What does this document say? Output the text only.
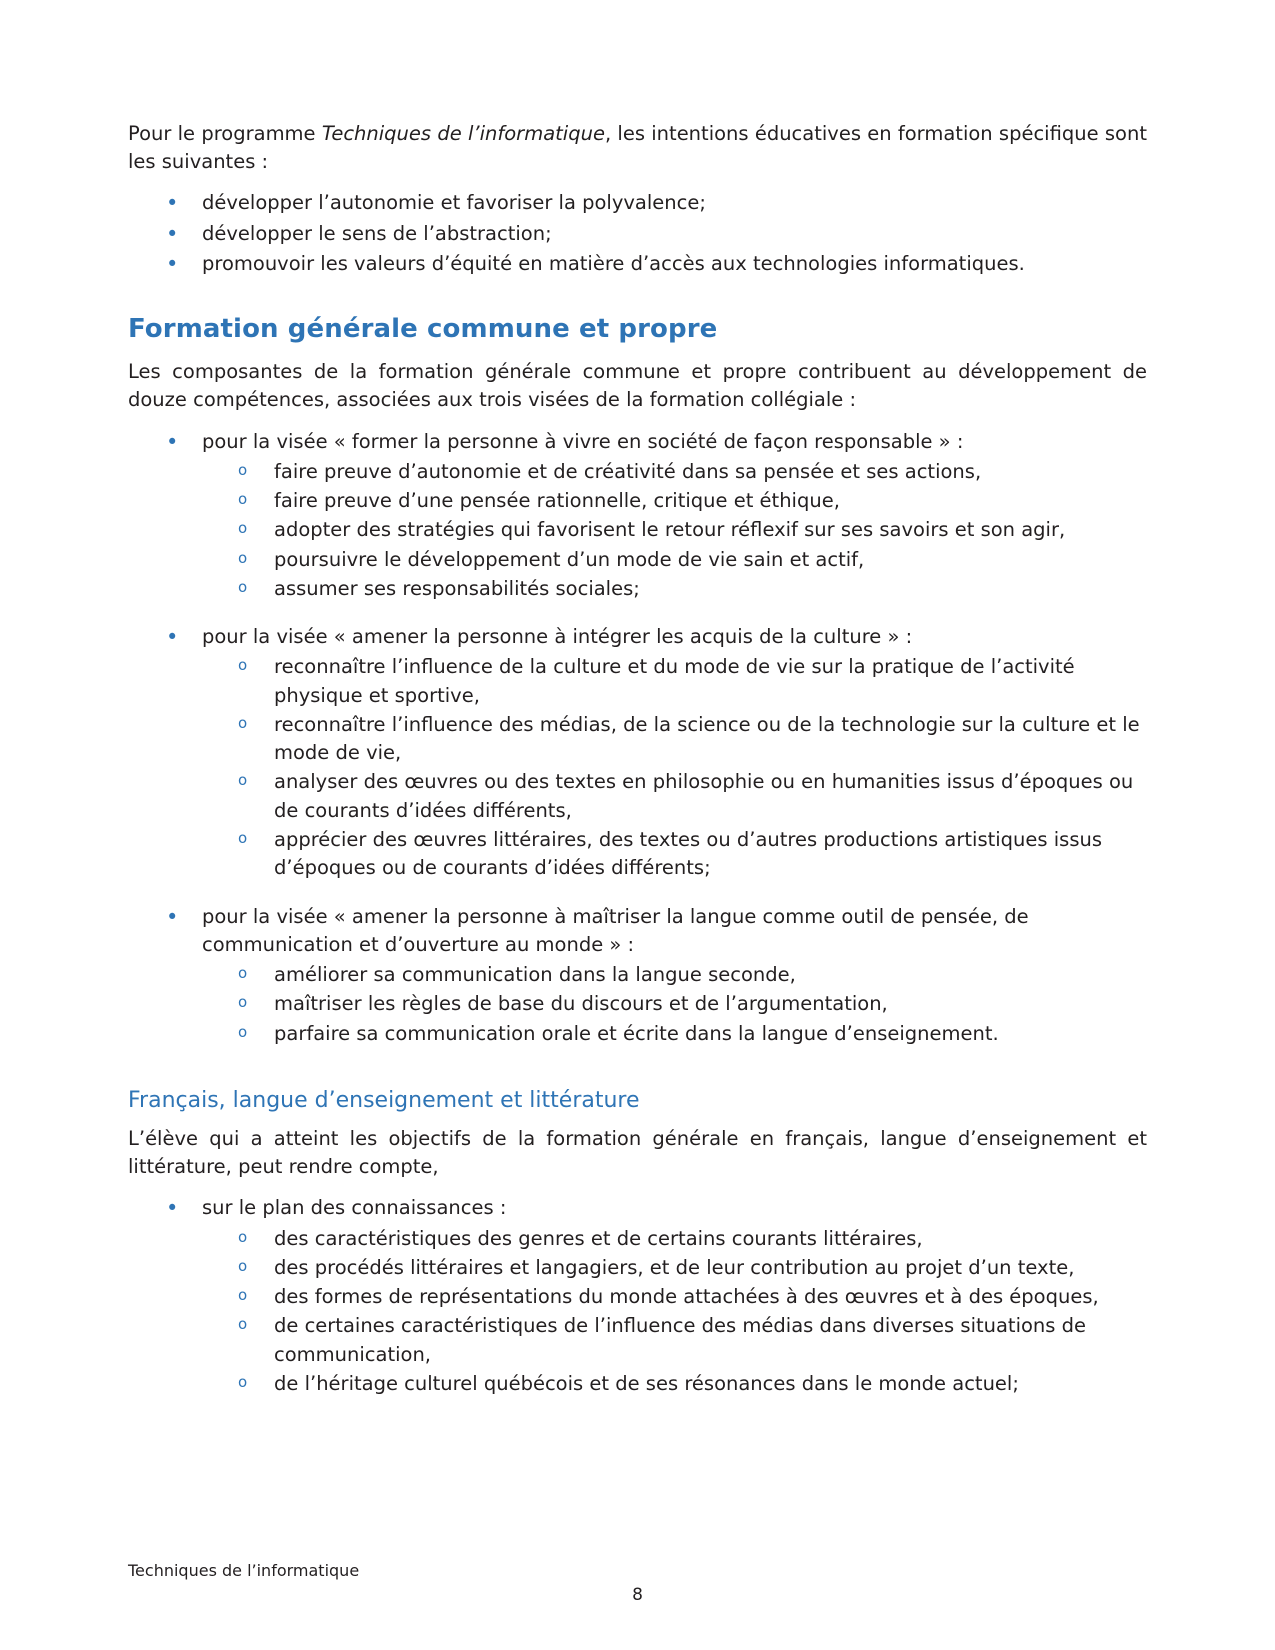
Pour le programme Techniques de l’informatique, les intentions éducatives en formation spécifique sont les suivantes :

• développer l’autonomie et favoriser la polyvalence;
• développer le sens de l’abstraction;
• promouvoir les valeurs d’équité en matière d’accès aux technologies informatiques.
Formation générale commune et propre

Les composantes de la formation générale commune et propre contribuent au développement de douze compétences, associées aux trois visées de la formation collégiale :

• pour la visée « former la personne à vivre en société de façon responsable » :
o faire preuve d’autonomie et de créativité dans sa pensée et ses actions,
o faire preuve d’une pensée rationnelle, critique et éthique,
o adopter des stratégies qui favorisent le retour réflexif sur ses savoirs et son agir,
o poursuivre le développement d’un mode de vie sain et actif,
o assumer ses responsabilités sociales;
• pour la visée « amener la personne à intégrer les acquis de la culture » :
o reconnaître l’influence de la culture et du mode de vie sur la pratique de l’activité physique et sportive,
o reconnaître l’influence des médias, de la science ou de la technologie sur la culture et le mode de vie,
o analyser des œuvres ou des textes en philosophie ou en humanities issus d’époques ou de courants d’idées différents,
o apprécier des œuvres littéraires, des textes ou d’autres productions artistiques issus d’époques ou de courants d’idées différents;
• pour la visée « amener la personne à maîtriser la langue comme outil de pensée, de communication et d’ouverture au monde » :
o améliorer sa communication dans la langue seconde,
o maîtriser les règles de base du discours et de l’argumentation,
o parfaire sa communication orale et écrite dans la langue d’enseignement.
Français, langue d’enseignement et littérature

L’élève qui a atteint les objectifs de la formation générale en français, langue d’enseignement et littérature, peut rendre compte,

• sur le plan des connaissances :
o des caractéristiques des genres et de certains courants littéraires,
o des procédés littéraires et langagiers, et de leur contribution au projet d’un texte,
o des formes de représentations du monde attachées à des œuvres et à des époques,
o de certaines caractéristiques de l’influence des médias dans diverses situations de communication,
o de l’héritage culturel québécois et de ses résonances dans le monde actuel;
Techniques de l’informatique
8
